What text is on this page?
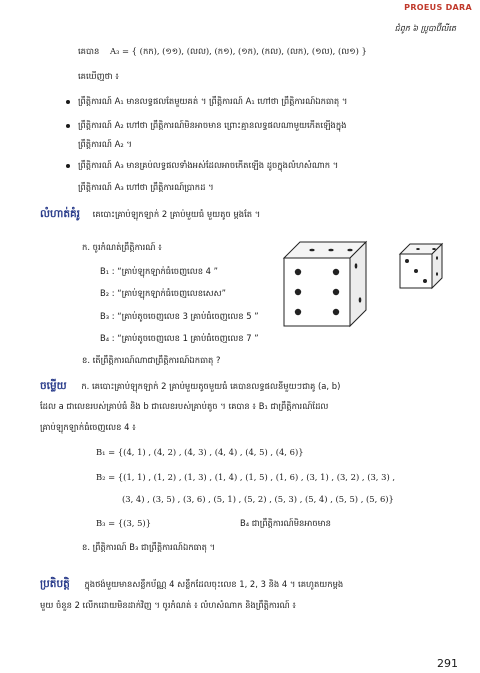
PROEUS DARA
ជំពូក ៦ ប្រូបាប៊ីលីតេ
គេបាន A₃ = { (កក), (១១), (លល), (ក១), (១ក), (កល), (លក), (១ល), (ល១) }
គេឃើញថា ៖
ព្រឹត្តិការណ៍ A₁ មានលទ្ធផលតែមួយគត់ ។ ព្រឹត្តិការណ៍ A₁ ហៅថា ព្រឹត្តិការណ៍ឯកធាតុ ។
ព្រឹត្តិការណ៍ A₂ ហៅថា ព្រឹត្តិការណ៍មិនអាចមាន ព្រោះគ្មានលទ្ធផលណាមួយកើតឡើងក្នុង
ព្រឹត្តិការណ៍ A₂ ។
ព្រឹត្តិការណ៍ A₃ មានគ្រប់លទ្ធផលទាំងអស់ដែលអាចកើតឡើង ដូចក្នុងលំហសំណាក ។
ព្រឹត្តិការណ៍ A₃ ហៅថា ព្រឹត្តិការណ៍ប្រាកដ ។
លំហាត់គំរូ គេបោះគ្រាប់ឡុកឡាក់ 2 គ្រាប់មួយធំ មួយតូច ម្ដងតែ ។
ក. ចូរកំណត់ព្រឹត្តិការណ៍ ៖
B₁ : “គ្រាប់ឡុកឡាក់ធំចេញលេខ 4 ”
B₂ : “គ្រាប់ឡុកឡាក់ធំចេញលេខសេស”
B₃ : “គ្រាប់តូចចេញលេខ 3 គ្រាប់ធំចេញលេខ 5 ”
B₄ : “គ្រាប់តូចចេញលេខ 1 គ្រាប់ធំចេញលេខ 7 ”
ខ. តើព្រឹត្តិការណ៍ណាជាព្រឹត្តិការណ៍ឯកធាតុ ?
ចម្លើយ ក. គេបោះគ្រាប់ឡុកឡាក់ 2 គ្រាប់មួយតូចមួយធំ គេបានលទ្ធផលនីមួយៗជាគូ (a, b)
ដែល a ជាលេខរបស់គ្រាប់ធំ និង b ជាលេខរបស់គ្រាប់តូច ។ គេបាន ៖ B₁ ជាព្រឹត្តិការណ៍ដែល
គ្រាប់ឡុកឡាក់ធំចេញលេខ 4 ៖
B₁ = {(4, 1) , (4, 2) , (4, 3) , (4, 4) , (4, 5) , (4, 6)}
B₂ = {(1, 1) , (1, 2) , (1, 3) , (1, 4) , (1, 5) , (1, 6) , (3, 1) , (3, 2) , (3, 3) ,
(3, 4) , (3, 5) , (3, 6) , (5, 1) , (5, 2) , (5, 3) , (5, 4) , (5, 5) , (5, 6)}
B₃ = {(3, 5)}	B₄ ជាព្រឹត្តិការណ៍មិនអាចមាន
ខ. ព្រឹត្តិការណ៍ B₃ ជាព្រឹត្តិការណ៍ឯកធាតុ ។
ប្រតិបត្តិ ក្នុងថង់មួយមានសន្លឹកប័ណ្ណ 4 សន្លឹកដែលចុះលេខ 1, 2, 3 និង 4 ។ គេហូតយកម្ដង
មួយ ចំនួន 2 លើកដោយមិនដាក់វិញ ។ ចូរកំណត់ ៖ លំហសំណាក និងព្រឹត្តិការណ៍ ៖
291
